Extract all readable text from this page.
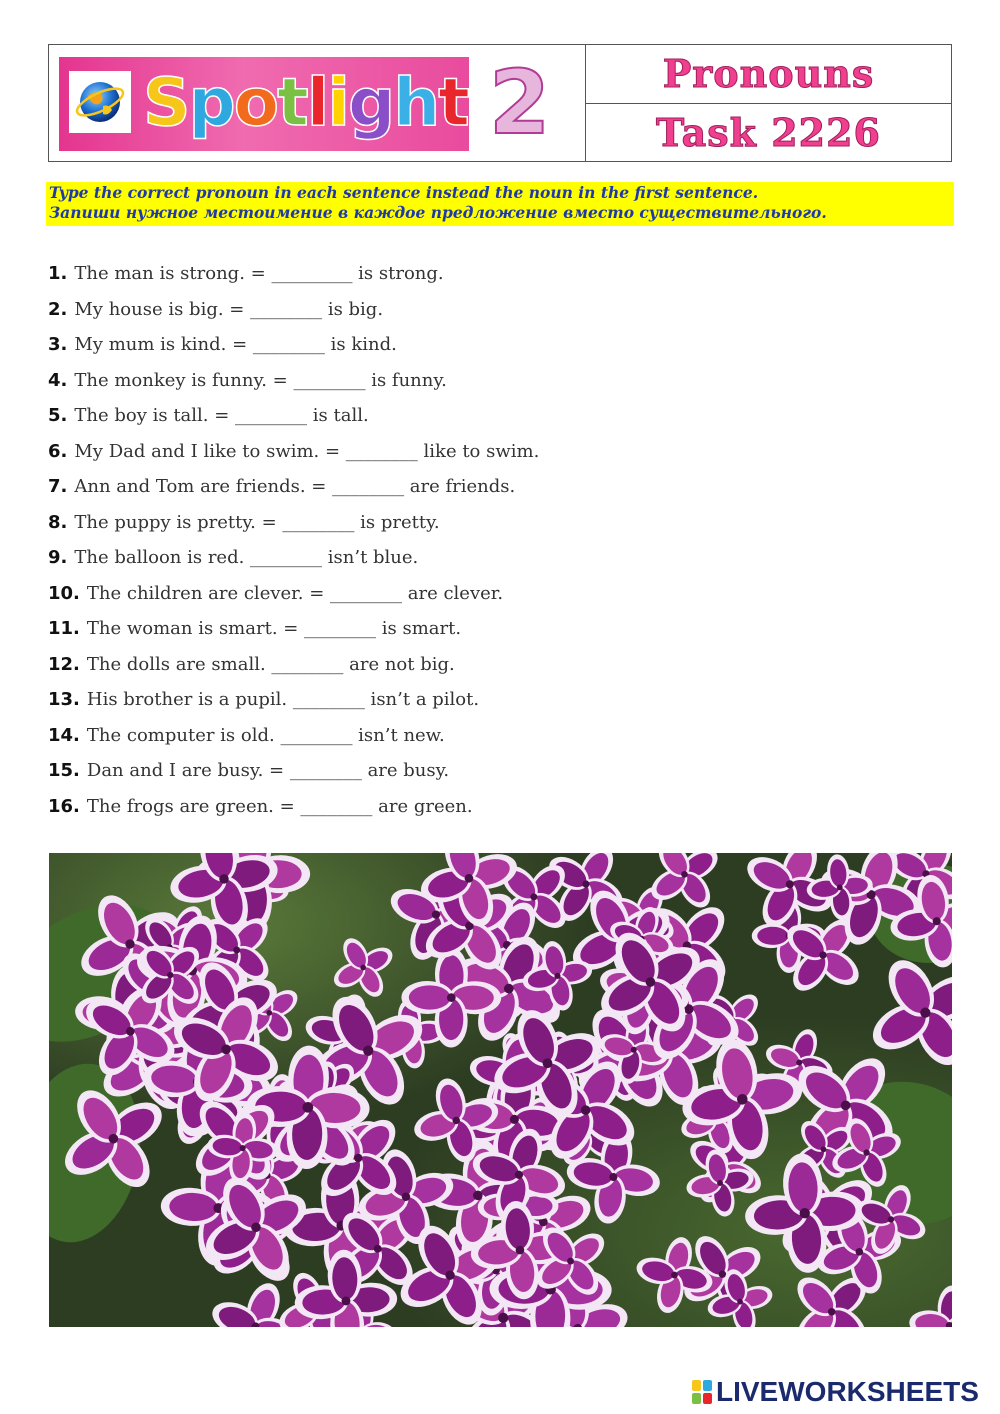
Spotlight 2	Pronouns
Task 2226
Type the correct pronoun in each sentence instead the noun in the first sentence.
Запиши нужное местоимение в каждое предложение вместо существительного.
1. The man is strong. = _________ is strong.
2. My house is big. = ________ is big.
3. My mum is kind. = ________ is kind.
4. The monkey is funny. = ________ is funny.
5. The boy is tall. = ________ is tall.
6. My Dad and I like to swim. = ________ like to swim.
7. Ann and Tom are friends. = ________ are friends.
8. The puppy is pretty. = ________ is pretty.
9. The balloon is red. ________ isn’t blue.
10. The children are clever. = ________ are clever.
11. The woman is smart. = ________ is smart.
12. The dolls are small. ________ are not big.
13. His brother is a pupil. ________ isn’t a pilot.
14. The computer is old. ________ isn’t new.
15. Dan and I are busy. = ________ are busy.
16. The frogs are green. = ________ are green.
LIVEWORKSHEETS
